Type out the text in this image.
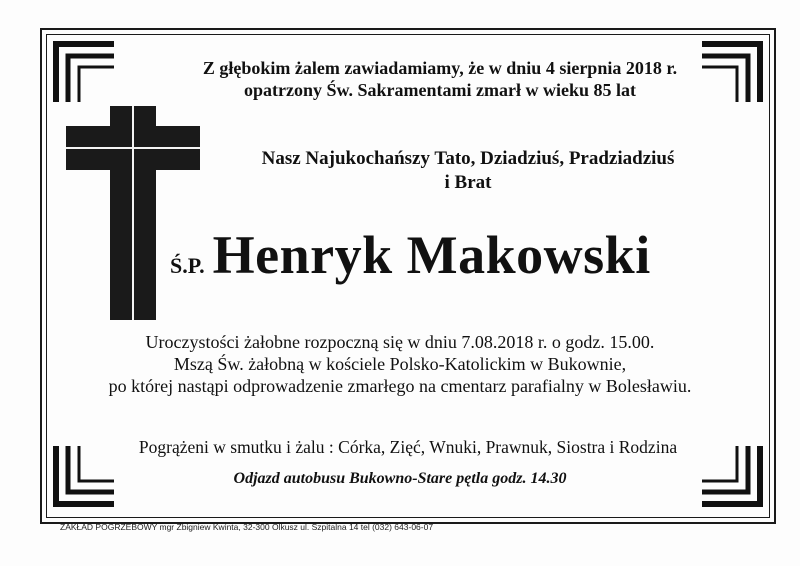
Z głębokim żalem zawiadamiamy, że w dniu 4 sierpnia 2018 r.
opatrzony Św. Sakramentami zmarł w wieku 85 lat
Nasz Najukochańszy Tato, Dziadziuś, Pradziadziuś
i Brat
Ś.P. Henryk Makowski
Uroczystości żałobne rozpoczną się w dniu 7.08.2018 r. o godz. 15.00.
Mszą Św. żałobną w kościele Polsko-Katolickim w Bukownie,
po której nastąpi odprowadzenie zmarłego na cmentarz parafialny w Bolesławiu.
Pogrążeni w smutku i żalu : Córka, Zięć, Wnuki, Prawnuk, Siostra i Rodzina
Odjazd autobusu Bukowno-Stare pętla godz. 14.30
ZAKŁAD POGRZEBOWY mgr Zbigniew Kwinta, 32-300 Olkusz ul. Szpitalna 14 tel (032) 643-06-07
